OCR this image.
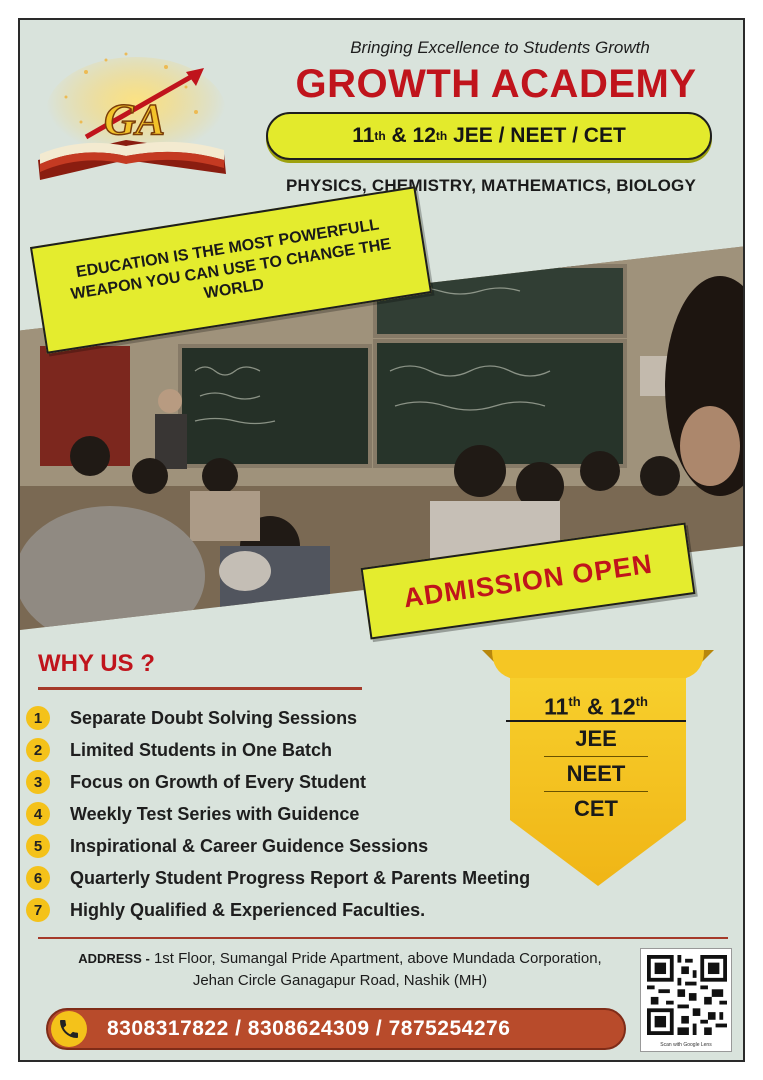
GA
Bringing Excellence to Students Growth
GROWTH ACADEMY
11 th & 12 th JEE / NEET / CET
PHYSICS, CHEMISTRY, MATHEMATICS, BIOLOGY
EDUCATION IS THE MOST POWERFULL WEAPON YOU CAN USE TO CHANGE THE WORLD
ADMISSION OPEN
WHY US ?
1	Separate Doubt Solving Sessions
2	Limited Students in One Batch
3	Focus on Growth of Every Student
4	Weekly Test Series with Guidence
5	Inspirational & Career Guidence Sessions
6	Quarterly Student Progress Report & Parents Meeting
7	Highly Qualified & Experienced Faculties.
11th & 12th
JEE
NEET
CET
ADDRESS - 1st Floor, Sumangal Pride Apartment, above Mundada Corporation,
Jehan Circle Ganagapur Road, Nashik (MH)
8308317822 / 8308624309 / 7875254276
Scan with Google Lens
